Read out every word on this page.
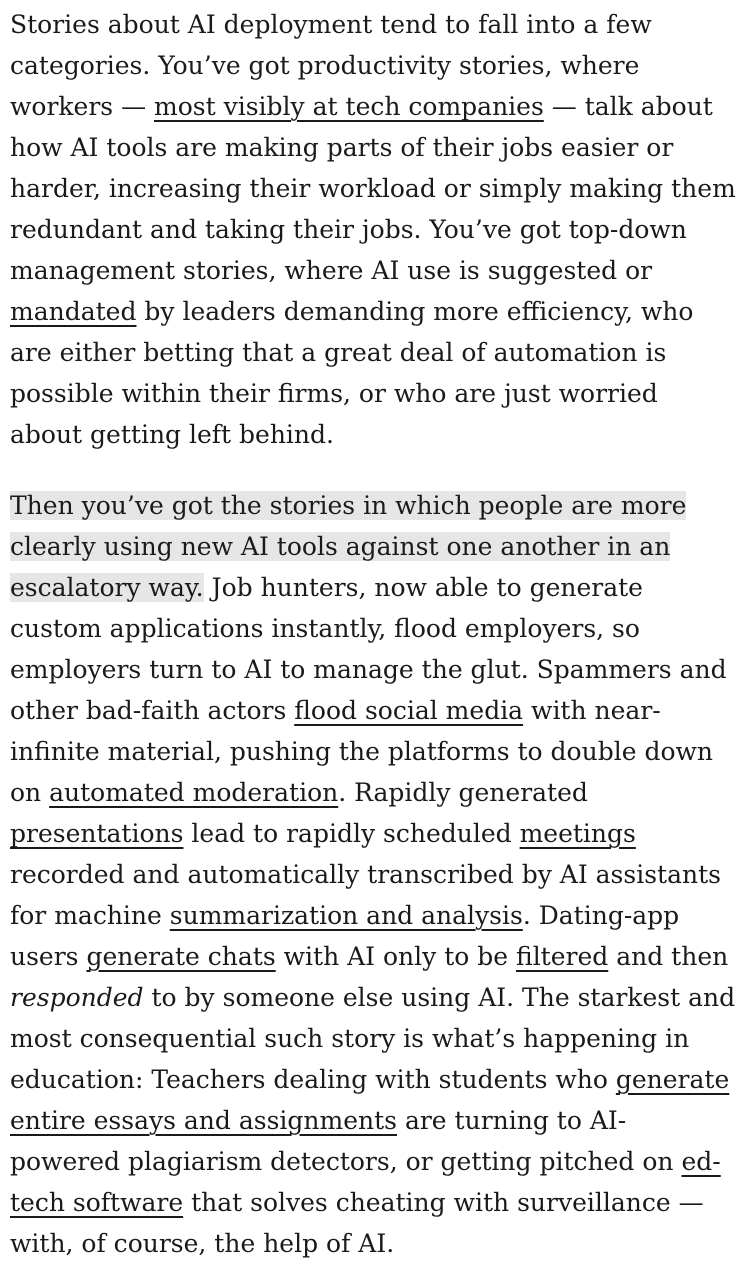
Stories about AI deployment tend to fall into a few categories. You’ve got productivity stories, where workers — most visibly at tech companies — talk about how AI tools are making parts of their jobs easier or harder, increasing their workload or simply making them redundant and taking their jobs. You’ve got top-down management stories, where AI use is suggested or mandated by leaders demanding more efficiency, who are either betting that a great deal of automation is possible within their firms, or who are just worried about getting left behind.

Then you’ve got the stories in which people are more clearly using new AI tools against one another in an escalatory way. Job hunters, now able to generate custom applications instantly, flood employers, so employers turn to AI to manage the glut. Spammers and other bad-faith actors flood social media with near-infinite material, pushing the platforms to double down on automated moderation. Rapidly generated presentations lead to rapidly scheduled meetings recorded and automatically transcribed by AI assistants for machine summarization and analysis. Dating-app users generate chats with AI only to be filtered and then responded to by someone else using AI. The starkest and most consequential such story is what’s happening in education: Teachers dealing with students who generate entire essays and assignments are turning to AI-powered plagiarism detectors, or getting pitched on ed-tech software that solves cheating with surveillance — with, of course, the help of AI.
